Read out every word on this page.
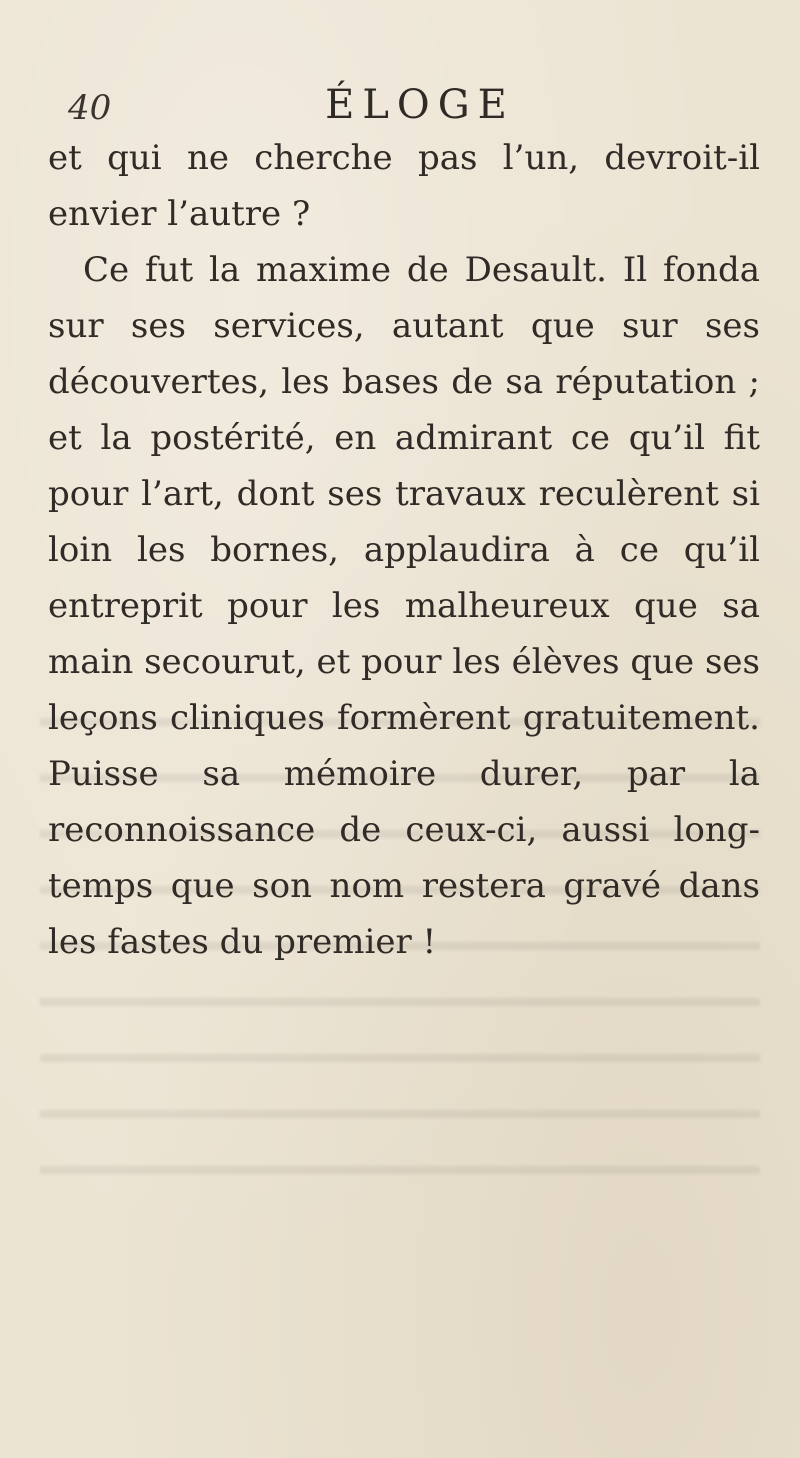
40	ÉLOGE

et qui ne cherche pas l’un, devroit-il envier l’autre ?

Ce fut la maxime de Desault. Il fonda sur ses services, autant que sur ses découvertes, les bases de sa réputation ; et la postérité, en admirant ce qu’il fit pour l’art, dont ses travaux reculèrent si loin les bornes, applaudira à ce qu’il entreprit pour les malheureux que sa main secourut, et pour les élèves que ses leçons cliniques formèrent gratuitement. Puisse sa mémoire durer, par la reconnoissance de ceux-ci, aussi long-temps que son nom restera gravé dans les fastes du premier !
